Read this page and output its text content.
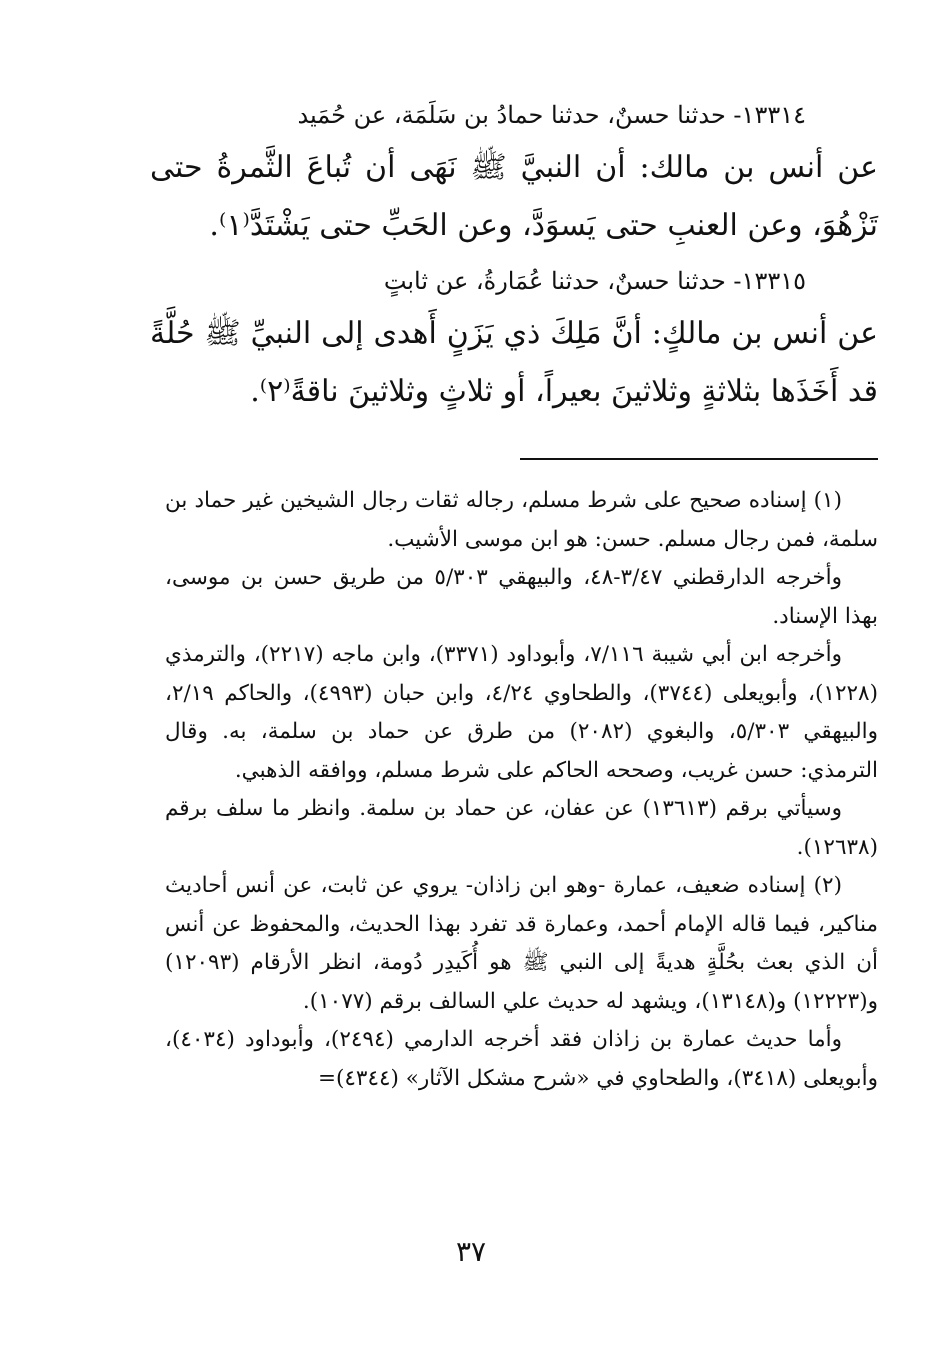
١٣٣١٤- حدثنا حسنٌ، حدثنا حمادُ بن سَلَمَة، عن حُمَيد
عن أنس بن مالك: أن النبيَّ ﷺ نَهَى أن تُباعَ الثَّمرةُ حتى تَزْهُوَ، وعن العنبِ حتى يَسوَدَّ، وعن الحَبِّ حتى يَشْتَدَّ⁽١⁾.
١٣٣١٥- حدثنا حسنٌ، حدثنا عُمَارةُ، عن ثابتٍ
عن أنس بن مالكٍ: أنَّ مَلِكَ ذي يَزَنٍ أَهدى إلى النبيِّ ﷺ حُلَّةً قد أَخَذَها بثلاثةٍ وثلاثينَ بعيراً، أو ثلاثٍ وثلاثينَ ناقةً⁽٢⁾.

(١) إسناده صحيح على شرط مسلم، رجاله ثقات رجال الشيخين غير حماد بن سلمة، فمن رجال مسلم. حسن: هو ابن موسى الأشيب.

وأخرجه الدارقطني ٣/٤٧-٤٨، والبيهقي ٥/٣٠٣ من طريق حسن بن موسى، بهذا الإسناد.

وأخرجه ابن أبي شيبة ٧/١١٦، وأبوداود (٣٣٧١)، وابن ماجه (٢٢١٧)، والترمذي (١٢٢٨)، وأبويعلى (٣٧٤٤)، والطحاوي ٤/٢٤، وابن حبان (٤٩٩٣)، والحاكم ٢/١٩، والبيهقي ٥/٣٠٣، والبغوي (٢٠٨٢) من طرق عن حماد بن سلمة، به. وقال الترمذي: حسن غريب، وصححه الحاكم على شرط مسلم، ووافقه الذهبي.

وسيأتي برقم (١٣٦١٣) عن عفان، عن حماد بن سلمة. وانظر ما سلف برقم (١٢٦٣٨).

(٢) إسناده ضعيف، عمارة -وهو ابن زاذان- يروي عن ثابت، عن أنس أحاديث مناكير، فيما قاله الإمام أحمد، وعمارة قد تفرد بهذا الحديث، والمحفوظ عن أنس أن الذي بعث بحُلَّةٍ هديةً إلى النبي ﷺ هو أُكَيدِر دُومة، انظر الأرقام (١٢٠٩٣) و(١٢٢٢٣) و(١٣١٤٨)، ويشهد له حديث علي السالف برقم (١٠٧٧).

وأما حديث عمارة بن زاذان فقد أخرجه الدارمي (٢٤٩٤)، وأبوداود (٤٠٣٤)، وأبويعلى (٣٤١٨)، والطحاوي في «شرح مشكل الآثار» (٤٣٤٤)=

٣٧
